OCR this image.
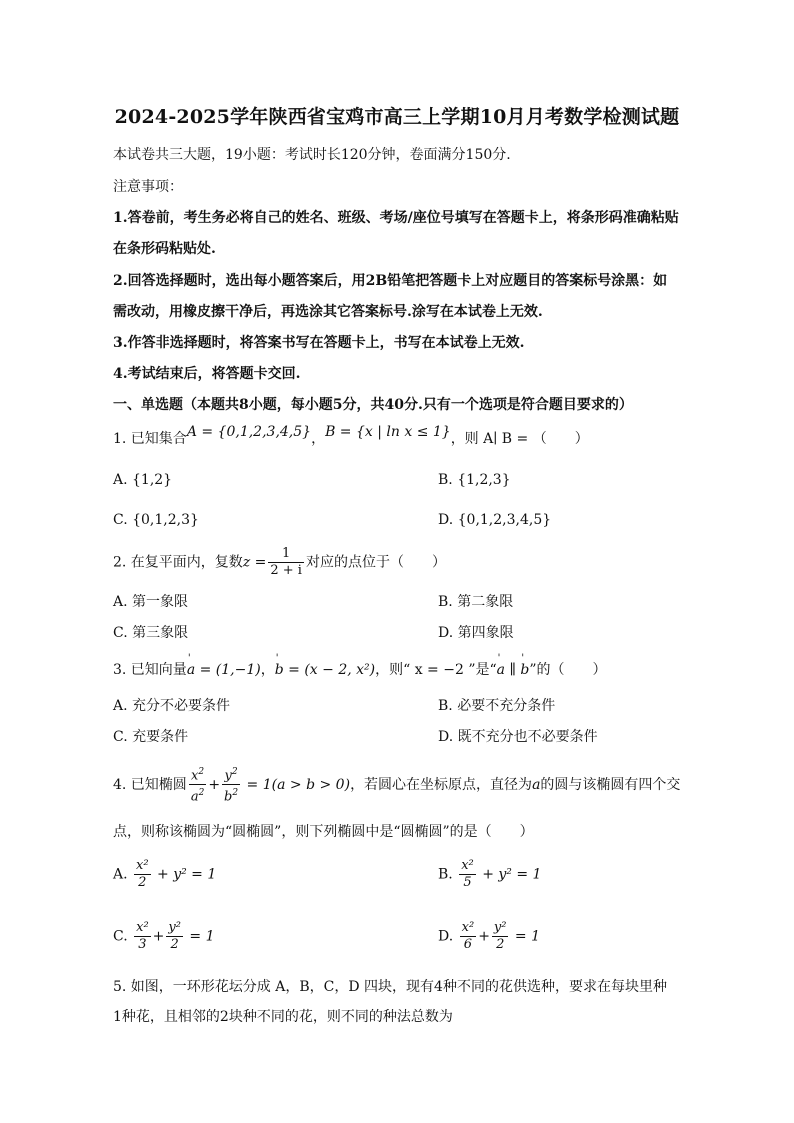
2024-2025学年陕西省宝鸡市高三上学期10月月考数学检测试题
本试卷共三大题，19小题：考试时长120分钟，卷面满分150分.
注意事项：
1.答卷前，考生务必将自己的姓名、班级、考场/座位号填写在答题卡上，将条形码准确粘贴
在条形码粘贴处.
2.回答选择题时，选出每小题答案后，用2B铅笔把答题卡上对应题目的答案标号涂黑：如
需改动，用橡皮擦干净后，再选涂其它答案标号.涂写在本试卷上无效.
3.作答非选择题时，将答案书写在答题卡上，书写在本试卷上无效.
4.考试结束后，将答题卡交回.
一、单选题（本题共8小题，每小题5分，共40分.只有一个选项是符合题目要求的）
1. 已知集合A = {0,1,2,3,4,5}，B = {x | ln x ≤ 1}，则 A∣ B = （　　）
A. {1,2}	B. {1,2,3}
C. {0,1,2,3}	D. {0,1,2,3,4,5}
2. 在复平面内，复数$z = \frac{1}{2 + i}$ 对应的点位于（　　）
A. 第一象限	B. 第二象限
C. 第三象限	D. 第四象限
3. 已知向量' a = (1,−1)，' b = (x − 2, x²)，则“ x = −2 ”是“' a ∥ ' b”的（　　）
A. 充分不必要条件	B. 必要不充分条件
C. 充要条件	D. 既不充分也不必要条件
4. 已知椭圆 $\frac{x^2}{a^2} + \frac{y^2}{b^2} = 1(a > b > 0)$，若圆心在坐标原点，直径为a的圆与该椭圆有四个交
点，则称该椭圆为“圆椭圆”，则下列椭圆中是“圆椭圆”的是（　　）
A. $\frac{\text{x²}}{2} + y^2 = 1$	B. $\frac{\text{x²}}{5} + y^2 = 1$
C. $\frac{\text{x²}}{3} + \frac{\text{y²}}{2} = 1$	D. $\frac{\text{x²}}{6} + \frac{\text{y²}}{2} = 1$
5. 如图，一环形花坛分成 A，B，C，D 四块，现有4种不同的花供选种，要求在每块里种
1种花，且相邻的2块种不同的花，则不同的种法总数为
